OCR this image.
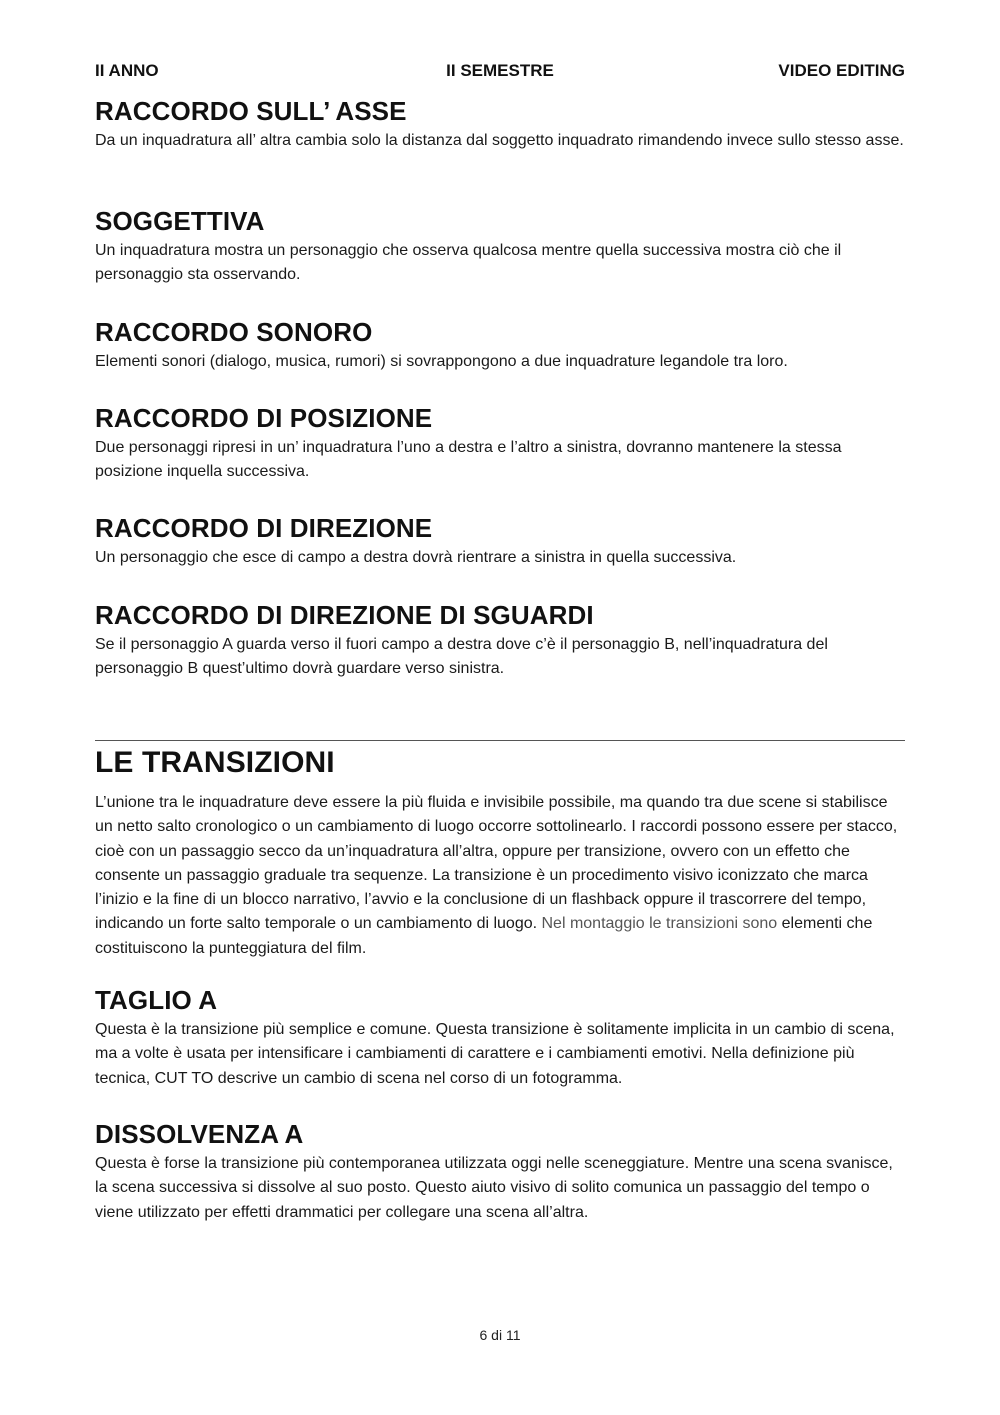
II ANNO	II SEMESTRE	VIDEO EDITING
RACCORDO SULL’ ASSE

Da un inquadratura all’ altra cambia solo la distanza dal soggetto inquadrato rimandendo invece sullo stesso asse.

SOGGETTIVA

Un inquadratura mostra un personaggio che osserva qualcosa mentre quella successiva mostra ciò che il personaggio sta osservando.

RACCORDO SONORO

Elementi sonori (dialogo, musica, rumori) si sovrappongono a due inquadrature legandole tra loro.

RACCORDO DI POSIZIONE

Due personaggi ripresi in un’ inquadratura l’uno a destra e l’altro a sinistra, dovranno mantenere la stessa posizione inquella successiva.

RACCORDO DI DIREZIONE

Un personaggio che esce di campo a destra dovrà rientrare a sinistra in quella successiva.

RACCORDO DI DIREZIONE DI SGUARDI

Se il personaggio A guarda verso il fuori campo a destra dove c’è il personaggio B, nell’inquadratura del personaggio B quest’ultimo dovrà guardare verso sinistra.

LE TRANSIZIONI

L’unione tra le inquadrature deve essere la più fluida e invisibile possibile, ma quando tra due scene si stabilisce un netto salto cronologico o un cambiamento di luogo occorre sottolinearlo. I raccordi possono essere per stacco, cioè con un passaggio secco da un’inquadratura all’altra, oppure per transizione, ovvero con un effetto che consente un passaggio graduale tra sequenze. La transizione è un procedimento visivo iconizzato che marca l’inizio e la fine di un blocco narrativo, l’avvio e la conclusione di un flashback oppure il trascorrere del tempo, indicando un forte salto temporale o un cambiamento di luogo. Nel montaggio le transizioni sono elementi che costituiscono la punteggiatura del film.

TAGLIO A

Questa è la transizione più semplice e comune. Questa transizione è solitamente implicita in un cambio di scena, ma a volte è usata per intensificare i cambiamenti di carattere e i cambiamenti emotivi. Nella definizione più tecnica, CUT TO descrive un cambio di scena nel corso di un fotogramma.

DISSOLVENZA A

Questa è forse la transizione più contemporanea utilizzata oggi nelle sceneggiature. Mentre una scena svanisce, la scena successiva si dissolve al suo posto. Questo aiuto visivo di solito comunica un passaggio del tempo o viene utilizzato per effetti drammatici per collegare una scena all’altra.

6 di 11
